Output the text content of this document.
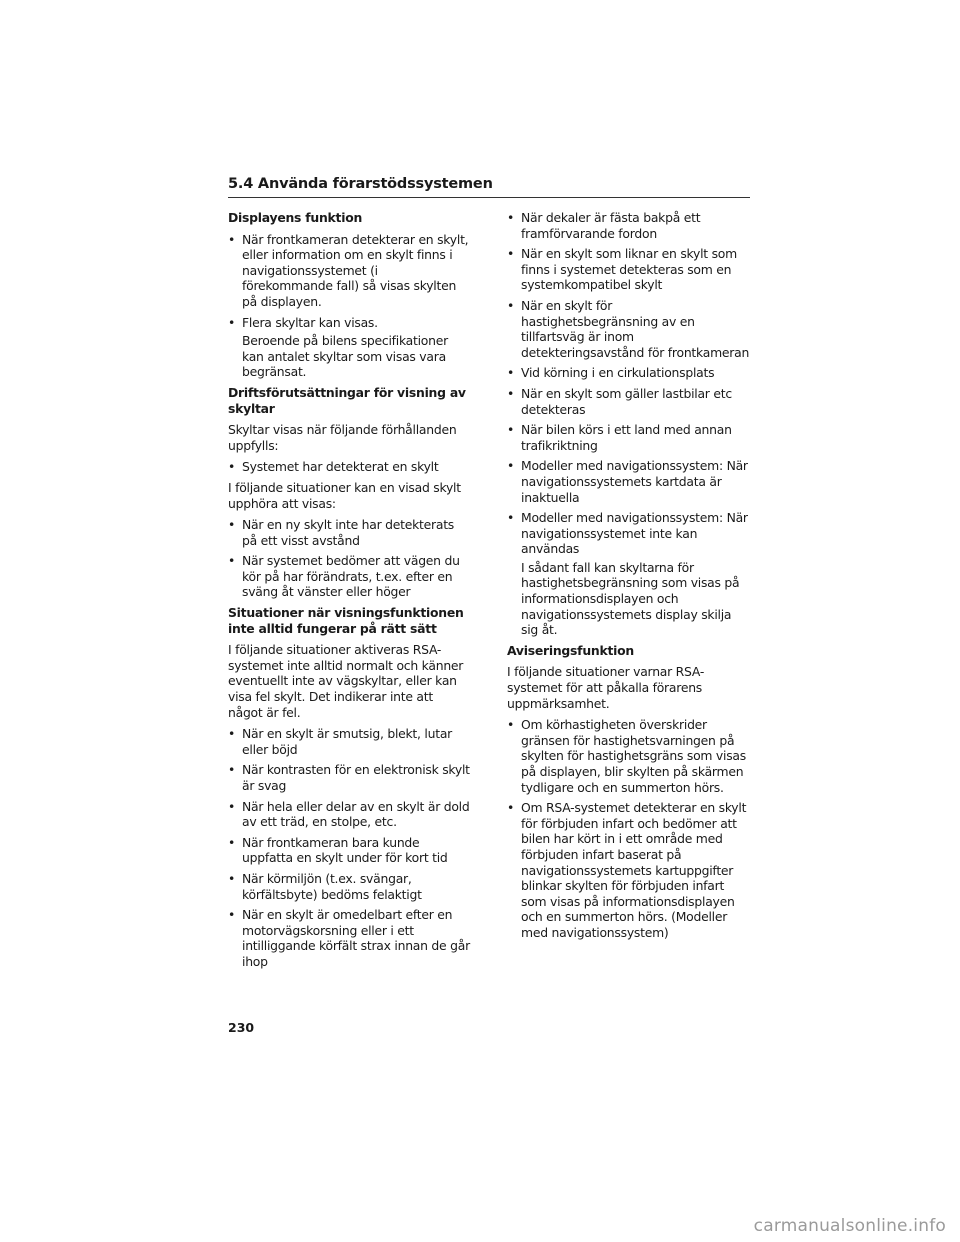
5.4 Använda förarstödssystemen
Displayens funktion
• När frontkameran detekterar en skylt, eller information om en skylt finns i navigationssystemet (i förekommande fall) så visas skylten på displayen.
• Flera skyltar kan visas.
Beroende på bilens specifikationer kan antalet skyltar som visas vara begränsat.
Driftsförutsättningar för visning av skyltar

Skyltar visas när följande förhållanden uppfylls:

• Systemet har detekterat en skylt

I följande situationer kan en visad skylt upphöra att visas:

• När en ny skylt inte har detekterats på ett visst avstånd
• När systemet bedömer att vägen du kör på har förändrats, t.ex. efter en sväng åt vänster eller höger
Situationer när visningsfunktionen inte alltid fungerar på rätt sätt

I följande situationer aktiveras RSA-systemet inte alltid normalt och känner eventuellt inte av vägskyltar, eller kan visa fel skylt. Det indikerar inte att något är fel.

• När en skylt är smutsig, blekt, lutar eller böjd
• När kontrasten för en elektronisk skylt är svag
• När hela eller delar av en skylt är dold av ett träd, en stolpe, etc.
• När frontkameran bara kunde uppfatta en skylt under för kort tid
• När körmiljön (t.ex. svängar, körfältsbyte) bedöms felaktigt
• När en skylt är omedelbart efter en motorvägskorsning eller i ett intilliggande körfält strax innan de går ihop
• När dekaler är fästa bakpå ett framförvarande fordon
• När en skylt som liknar en skylt som finns i systemet detekteras som en systemkompatibel skylt
• När en skylt för hastighetsbegränsning av en tillfartsväg är inom detekteringsavstånd för frontkameran
• Vid körning i en cirkulationsplats
• När en skylt som gäller lastbilar etc detekteras
• När bilen körs i ett land med annan trafikriktning
• Modeller med navigationssystem: När navigationssystemets kartdata är inaktuella
• Modeller med navigationssystem: När navigationssystemet inte kan användas
I sådant fall kan skyltarna för hastighetsbegränsning som visas på informationsdisplayen och navigationssystemets display skilja sig åt.
Aviseringsfunktion

I följande situationer varnar RSA-systemet för att påkalla förarens uppmärksamhet.

• Om körhastigheten överskrider gränsen för hastighetsvarningen på skylten för hastighetsgräns som visas på displayen, blir skylten på skärmen tydligare och en summerton hörs.
• Om RSA-systemet detekterar en skylt för förbjuden infart och bedömer att bilen har kört in i ett område med förbjuden infart baserat på navigationssystemets kartuppgifter blinkar skylten för förbjuden infart som visas på informationsdisplayen och en summerton hörs. (Modeller med navigationssystem)
230
carmanualsonline.info
